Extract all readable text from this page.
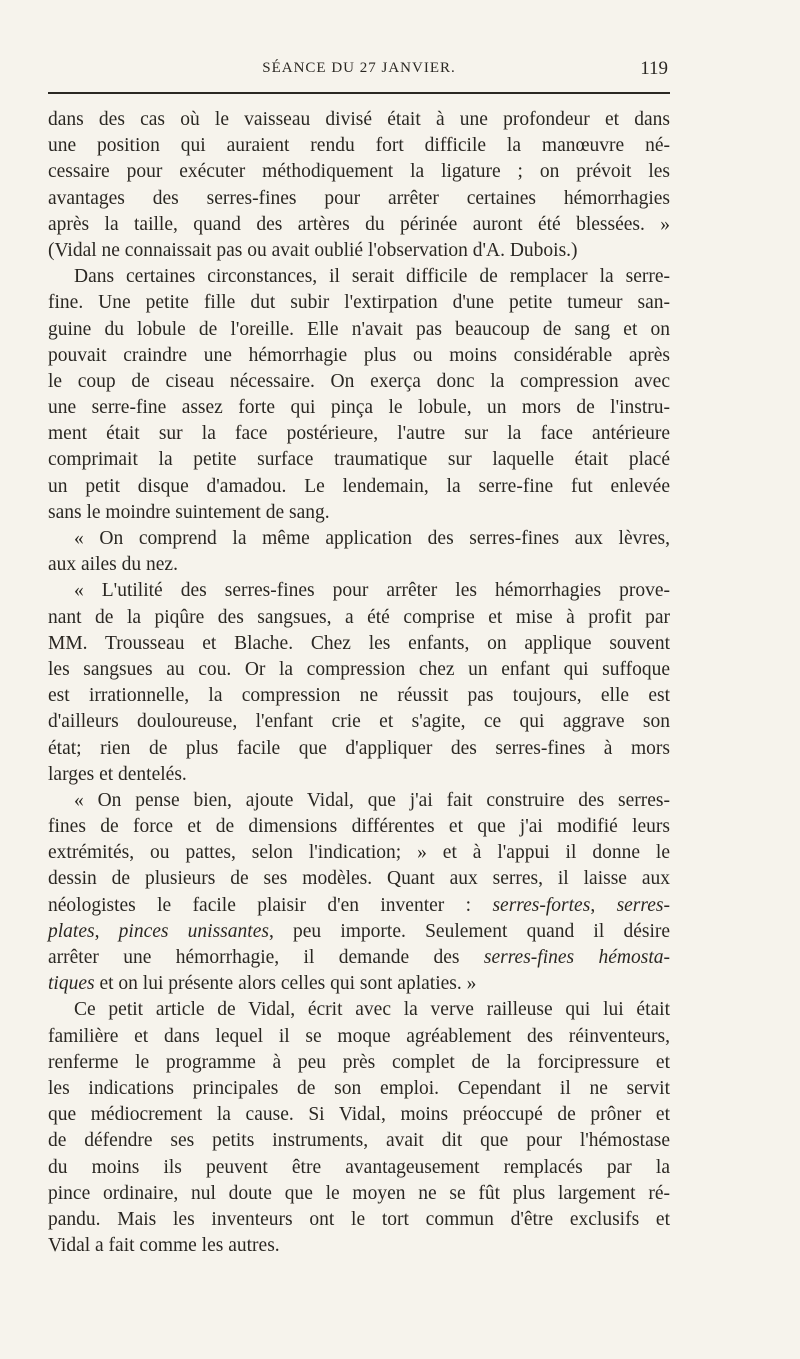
SÉANCE DU 27 JANVIER.	119
dans des cas où le vaisseau divisé était à une profondeur et dans
une position qui auraient rendu fort difficile la manœuvre né-
cessaire pour exécuter méthodiquement la ligature ; on prévoit les
avantages des serres-fines pour arrêter certaines hémorrhagies
après la taille, quand des artères du périnée auront été blessées. »
(Vidal ne connaissait pas ou avait oublié l'observation d'A. Dubois.)
Dans certaines circonstances, il serait difficile de remplacer la serre-
fine. Une petite fille dut subir l'extirpation d'une petite tumeur san-
guine du lobule de l'oreille. Elle n'avait pas beaucoup de sang et on
pouvait craindre une hémorrhagie plus ou moins considérable après
le coup de ciseau nécessaire. On exerça donc la compression avec
une serre-fine assez forte qui pinça le lobule, un mors de l'instru-
ment était sur la face postérieure, l'autre sur la face antérieure
comprimait la petite surface traumatique sur laquelle était placé
un petit disque d'amadou. Le lendemain, la serre-fine fut enlevée
sans le moindre suintement de sang.
« On comprend la même application des serres-fines aux lèvres,
aux ailes du nez.
« L'utilité des serres-fines pour arrêter les hémorrhagies prove-
nant de la piqûre des sangsues, a été comprise et mise à profit par
MM. Trousseau et Blache. Chez les enfants, on applique souvent
les sangsues au cou. Or la compression chez un enfant qui suffoque
est irrationnelle, la compression ne réussit pas toujours, elle est
d'ailleurs douloureuse, l'enfant crie et s'agite, ce qui aggrave son
état; rien de plus facile que d'appliquer des serres-fines à mors
larges et dentelés.
« On pense bien, ajoute Vidal, que j'ai fait construire des serres-
fines de force et de dimensions différentes et que j'ai modifié leurs
extrémités, ou pattes, selon l'indication; » et à l'appui il donne le
dessin de plusieurs de ses modèles. Quant aux serres, il laisse aux
néologistes le facile plaisir d'en inventer : serres-fortes, serres-
plates, pinces unissantes, peu importe. Seulement quand il désire
arrêter une hémorrhagie, il demande des serres-fines hémosta-
tiques et on lui présente alors celles qui sont aplaties. »
Ce petit article de Vidal, écrit avec la verve railleuse qui lui était
familière et dans lequel il se moque agréablement des réinventeurs,
renferme le programme à peu près complet de la forcipressure et
les indications principales de son emploi. Cependant il ne servit
que médiocrement la cause. Si Vidal, moins préoccupé de prôner et
de défendre ses petits instruments, avait dit que pour l'hémostase
du moins ils peuvent être avantageusement remplacés par la
pince ordinaire, nul doute que le moyen ne se fût plus largement ré-
pandu. Mais les inventeurs ont le tort commun d'être exclusifs et
Vidal a fait comme les autres.
